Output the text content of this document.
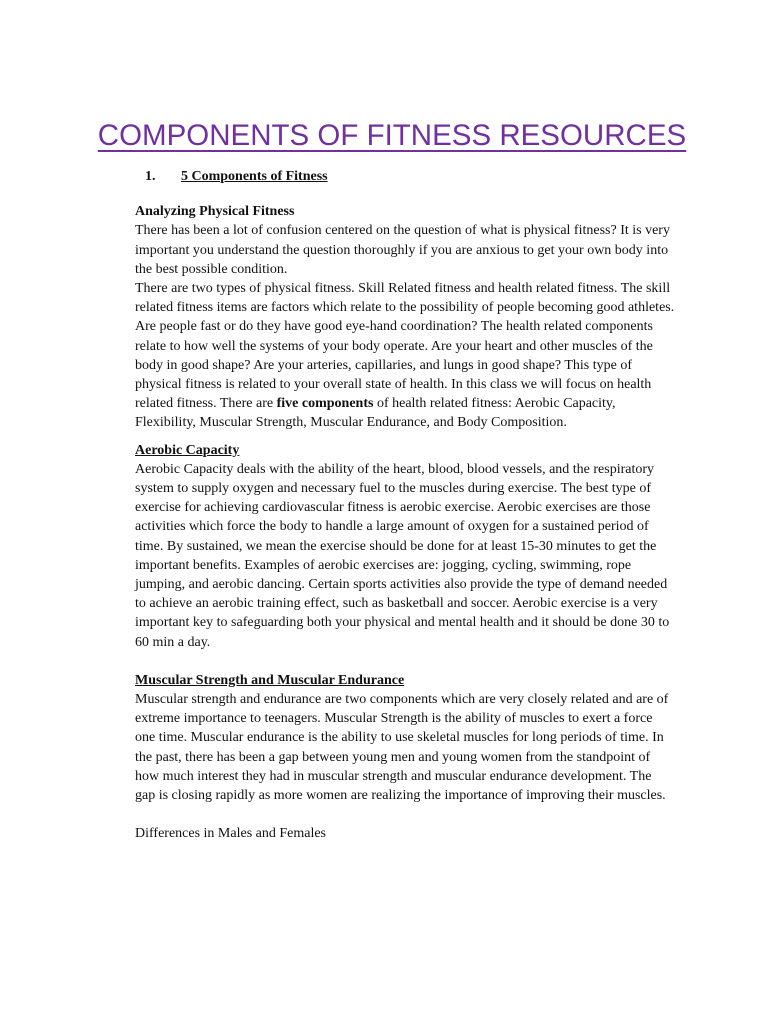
COMPONENTS OF FITNESS RESOURCES
1. 5 Components of Fitness

Analyzing Physical Fitness

There has been a lot of confusion centered on the question of what is physical fitness? It is very important you understand the question thoroughly if you are anxious to get your own body into the best possible condition.

There are two types of physical fitness. Skill Related fitness and health related fitness. The skill related fitness items are factors which relate to the possibility of people becoming good athletes. Are people fast or do they have good eye-hand coordination? The health related components relate to how well the systems of your body operate. Are your heart and other muscles of the body in good shape? Are your arteries, capillaries, and lungs in good shape? This type of physical fitness is related to your overall state of health. In this class we will focus on health related fitness. There are five components of health related fitness: Aerobic Capacity, Flexibility, Muscular Strength, Muscular Endurance, and Body Composition.

Aerobic Capacity

Aerobic Capacity deals with the ability of the heart, blood, blood vessels, and the respiratory system to supply oxygen and necessary fuel to the muscles during exercise. The best type of exercise for achieving cardiovascular fitness is aerobic exercise. Aerobic exercises are those activities which force the body to handle a large amount of oxygen for a sustained period of time. By sustained, we mean the exercise should be done for at least 15-30 minutes to get the important benefits. Examples of aerobic exercises are: jogging, cycling, swimming, rope jumping, and aerobic dancing. Certain sports activities also provide the type of demand needed to achieve an aerobic training effect, such as basketball and soccer. Aerobic exercise is a very important key to safeguarding both your physical and mental health and it should be done 30 to 60 min a day.

Muscular Strength and Muscular Endurance

Muscular strength and endurance are two components which are very closely related and are of extreme importance to teenagers. Muscular Strength is the ability of muscles to exert a force one time. Muscular endurance is the ability to use skeletal muscles for long periods of time. In the past, there has been a gap between young men and young women from the standpoint of how much interest they had in muscular strength and muscular endurance development. The gap is closing rapidly as more women are realizing the importance of improving their muscles.

Differences in Males and Females
